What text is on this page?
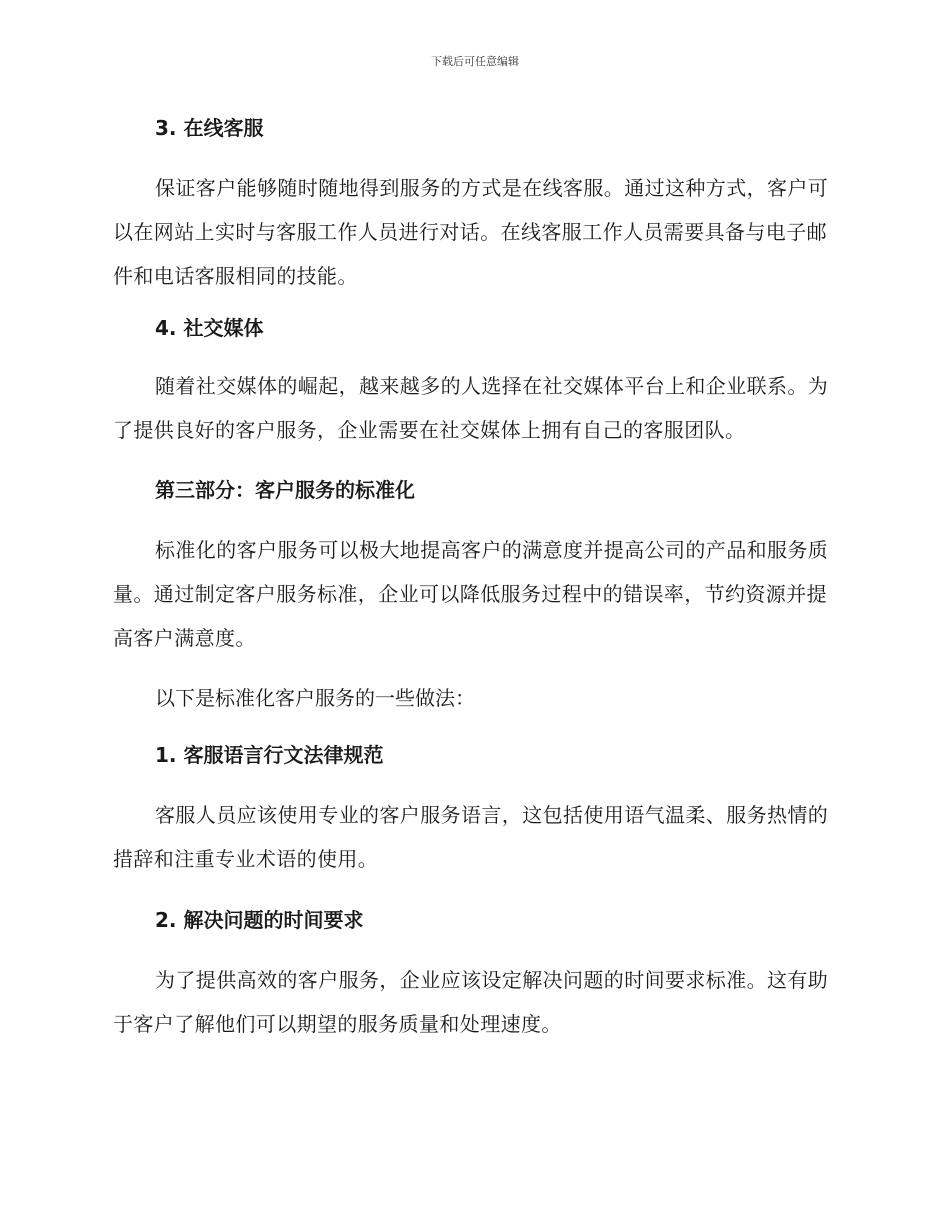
下载后可任意编辑

3. 在线客服

保证客户能够随时随地得到服务的方式是在线客服。通过这种方式，客户可以在网站上实时与客服工作人员进行对话。在线客服工作人员需要具备与电子邮件和电话客服相同的技能。

4. 社交媒体

随着社交媒体的崛起，越来越多的人选择在社交媒体平台上和企业联系。为了提供良好的客户服务，企业需要在社交媒体上拥有自己的客服团队。

第三部分：客户服务的标准化

标准化的客户服务可以极大地提高客户的满意度并提高公司的产品和服务质量。通过制定客户服务标准，企业可以降低服务过程中的错误率，节约资源并提高客户满意度。

以下是标准化客户服务的一些做法：

1. 客服语言行文法律规范

客服人员应该使用专业的客户服务语言，这包括使用语气温柔、服务热情的措辞和注重专业术语的使用。

2. 解决问题的时间要求

为了提供高效的客户服务，企业应该设定解决问题的时间要求标准。这有助于客户了解他们可以期望的服务质量和处理速度。
